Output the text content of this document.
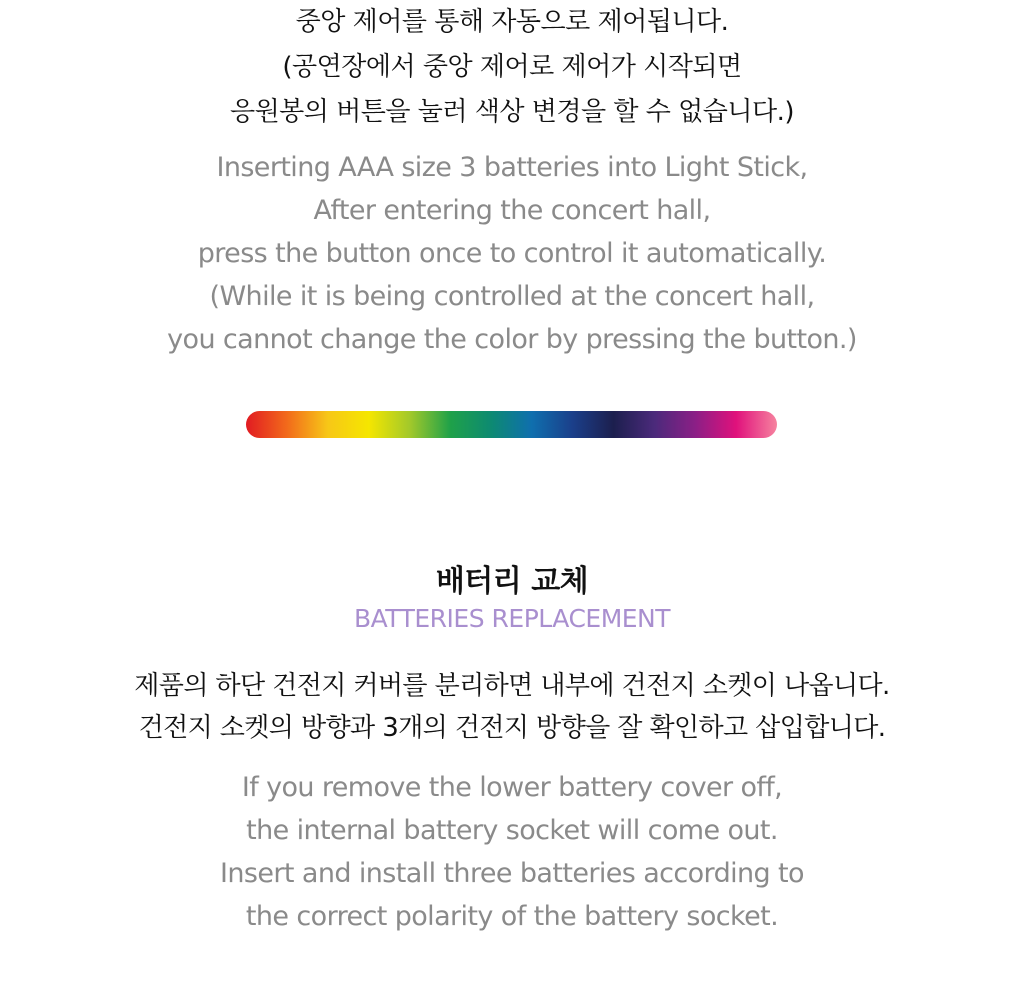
중앙 제어를 통해 자동으로 제어됩니다.
(공연장에서 중앙 제어로 제어가 시작되면
응원봉의 버튼을 눌러 색상 변경을 할 수 없습니다.)
Inserting AAA size 3 batteries into Light Stick,
After entering the concert hall,
press the button once to control it automatically.
(While it is being controlled at the concert hall,
you cannot change the color by pressing the button.)
배터리 교체
BATTERIES REPLACEMENT
제품의 하단 건전지 커버를 분리하면 내부에 건전지 소켓이 나옵니다.
건전지 소켓의 방향과 3개의 건전지 방향을 잘 확인하고 삽입합니다.
If you remove the lower battery cover off,
the internal battery socket will come out.
Insert and install three batteries according to
the correct polarity of the battery socket.
